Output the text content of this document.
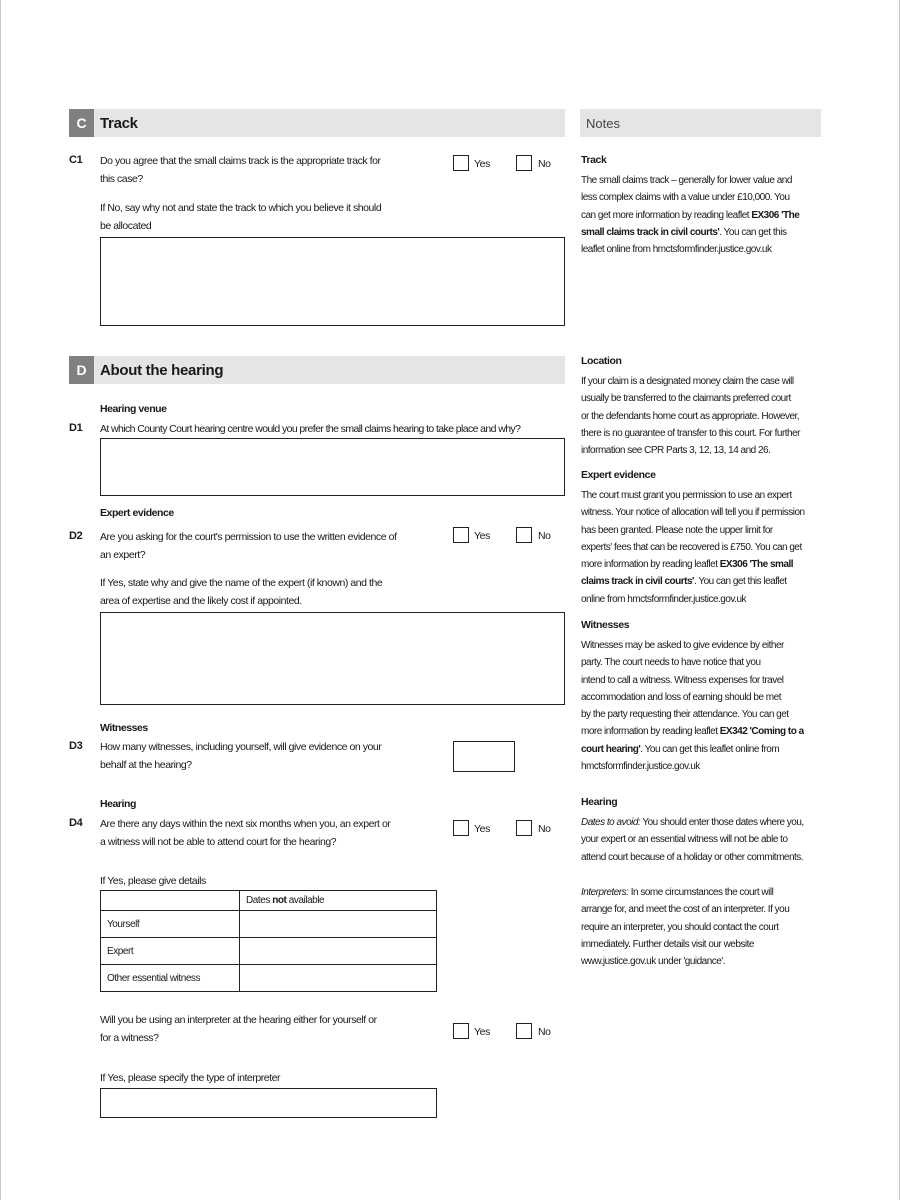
C Track	Notes
C1 Do you agree that the small claims track is the appropriate track for
this case?
Yes	No
If No, say why not and state the track to which you believe it should
be allocated
D About the hearing
Hearing venue
D1 At which County Court hearing centre would you prefer the small claims hearing to take place and why?
Expert evidence
D2 Are you asking for the court's permission to use the written evidence of
an expert?
Yes	No
If Yes, state why and give the name of the expert (if known) and the
area of expertise and the likely cost if appointed.
Witnesses
D3 How many witnesses, including yourself, will give evidence on your
behalf at the hearing?
Hearing
D4 Are there any days within the next six months when you, an expert or
a witness will not be able to attend court for the hearing?
Yes	No
If Yes, please give details
	Dates not available
Yourself	
Expert	
Other essential witness	
Will you be using an interpreter at the hearing either for yourself or
for a witness?	Yes	No
If Yes, please specify the type of interpreter
Track
The small claims track – generally for lower value and
less complex claims with a value under £10,000. You
can get more information by reading leaflet EX306 'The
small claims track in civil courts'. You can get this
leaflet online from hmctsformfinder.justice.gov.uk
Location
If your claim is a designated money claim the case will
usually be transferred to the claimants preferred court
or the defendants home court as appropriate. However,
there is no guarantee of transfer to this court. For further
information see CPR Parts 3, 12, 13, 14 and 26.
Expert evidence
The court must grant you permission to use an expert
witness. Your notice of allocation will tell you if permission
has been granted. Please note the upper limit for
experts' fees that can be recovered is £750. You can get
more information by reading leaflet EX306 'The small
claims track in civil courts'. You can get this leaflet
online from hmctsformfinder.justice.gov.uk
Witnesses
Witnesses may be asked to give evidence by either
party. The court needs to have notice that you
intend to call a witness. Witness expenses for travel
accommodation and loss of earning should be met
by the party requesting their attendance. You can get
more information by reading leaflet EX342 'Coming to a
court hearing'. You can get this leaflet online from
hmctsformfinder.justice.gov.uk
Hearing
Dates to avoid: You should enter those dates where you,
your expert or an essential witness will not be able to
attend court because of a holiday or other commitments.
Interpreters: In some circumstances the court will
arrange for, and meet the cost of an interpreter. If you
require an interpreter, you should contact the court
immediately. Further details visit our website
www.justice.gov.uk under 'guidance'.
